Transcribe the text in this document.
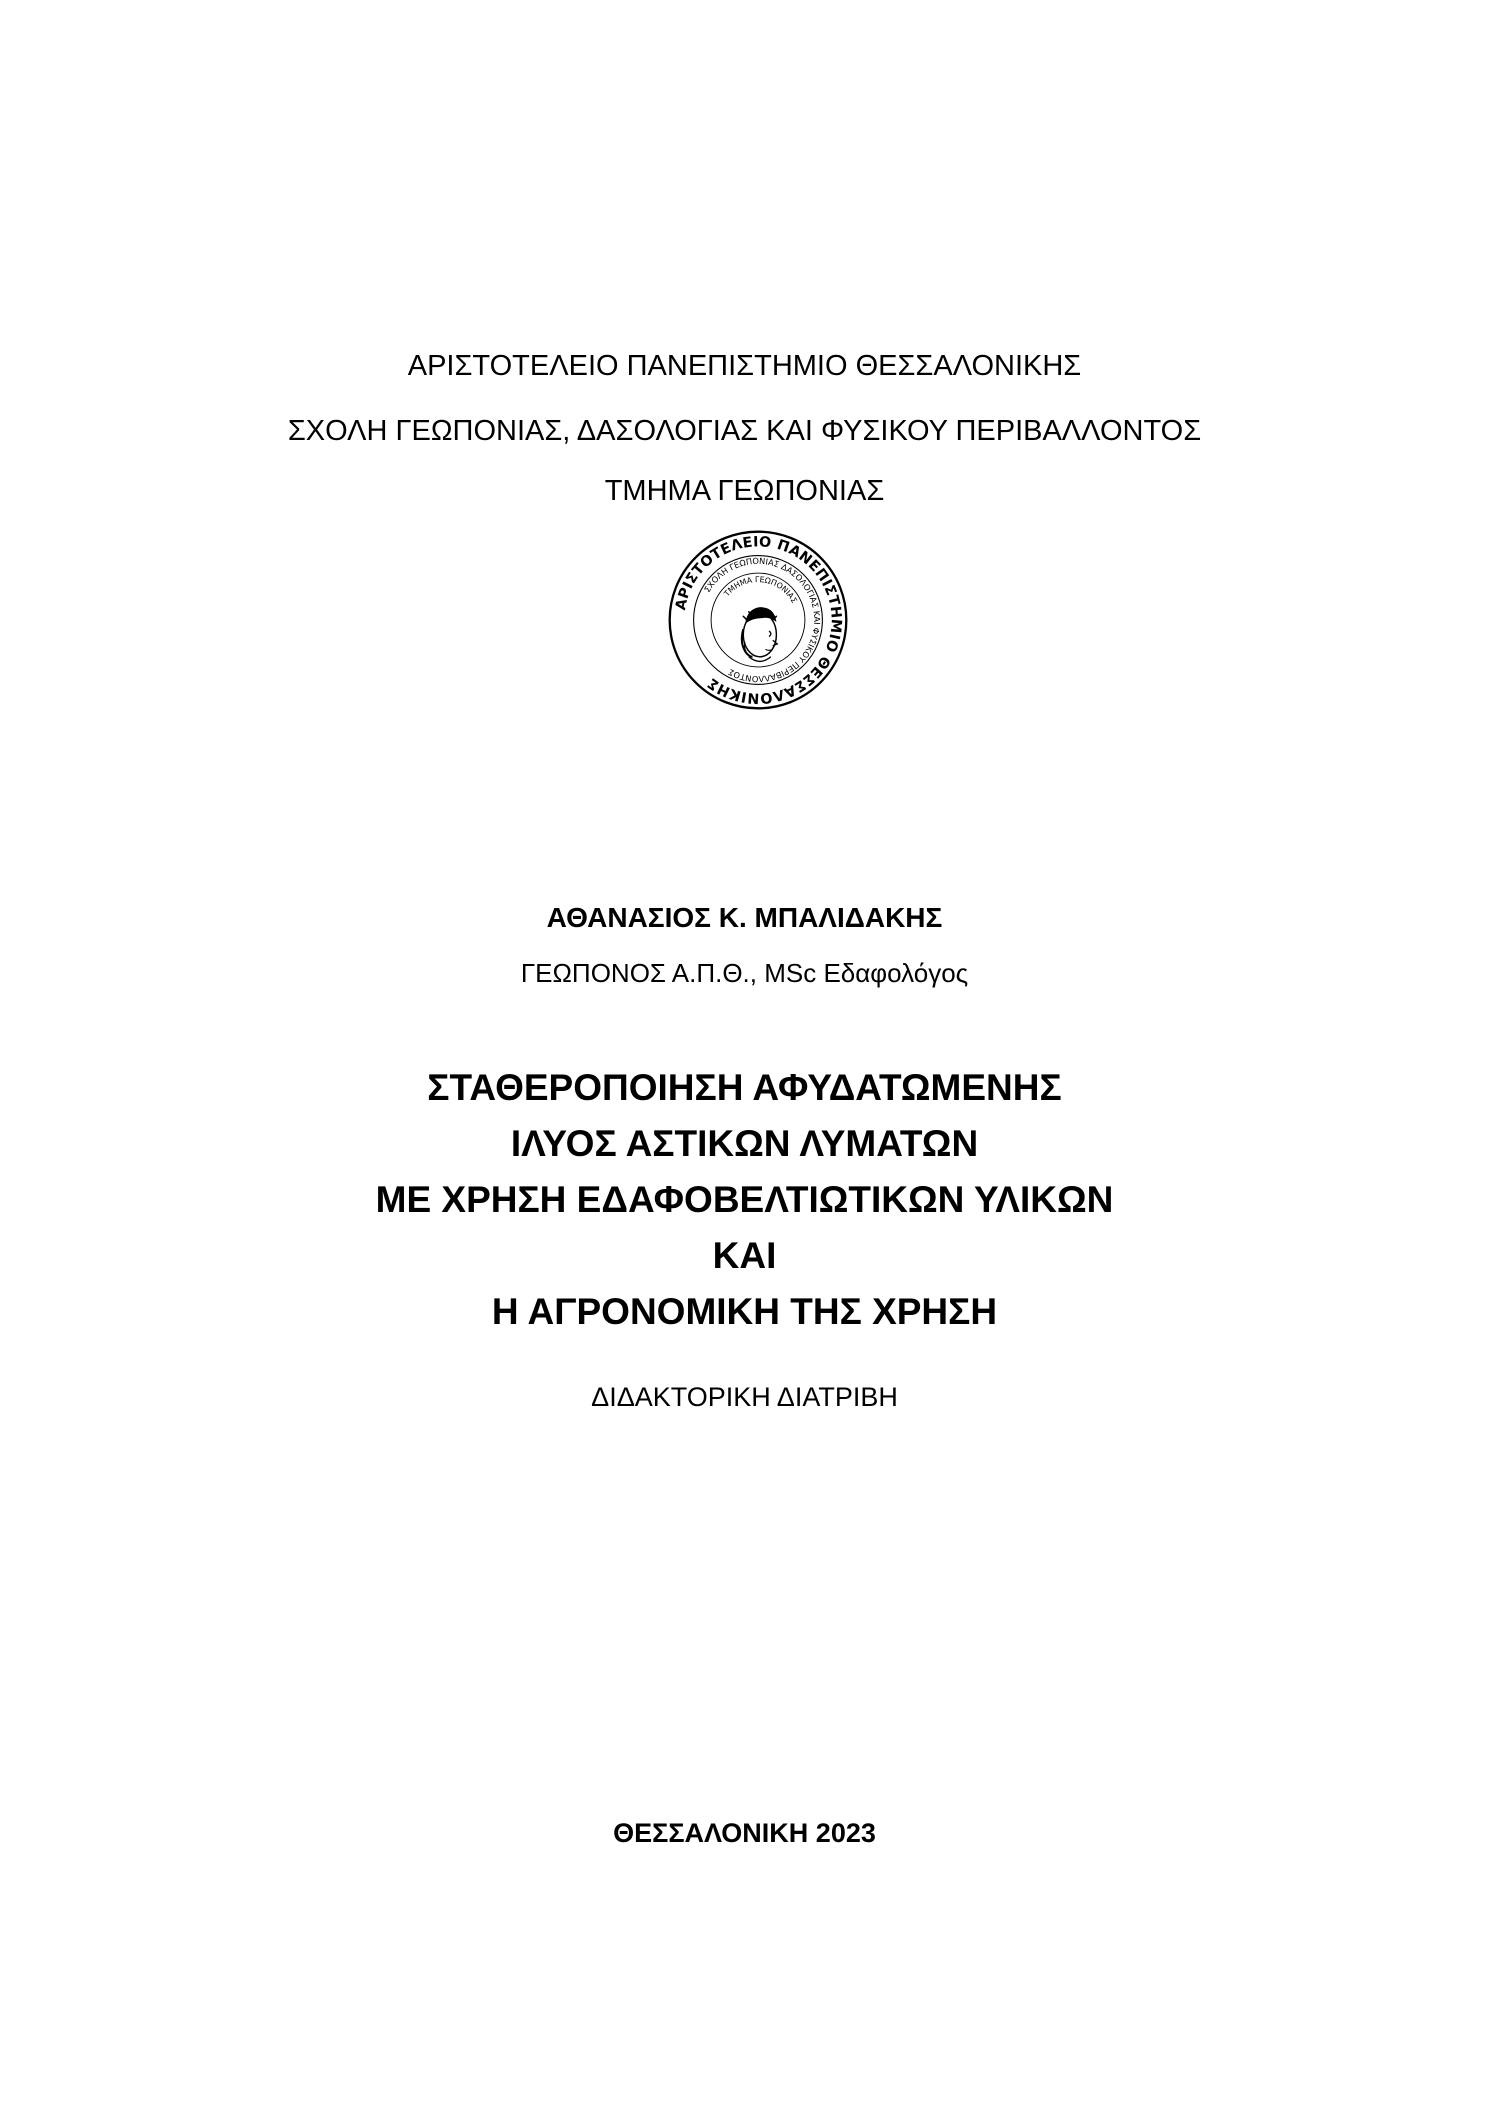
ΑΡΙΣΤΟΤΕΛΕΙΟ ΠΑΝΕΠΙΣΤΗΜΙΟ ΘΕΣΣΑΛΟΝΙΚΗΣ
ΣΧΟΛΗ ΓΕΩΠΟΝΙΑΣ, ΔΑΣΟΛΟΓΙΑΣ ΚΑΙ ΦΥΣΙΚΟΥ ΠΕΡΙΒΑΛΛΟΝΤΟΣ
ΤΜΗΜΑ ΓΕΩΠΟΝΙΑΣ
ΑΡΙΣΤΟΤΕΛΕΙΟ ΠΑΝΕΠΙΣΤΗΜΙΟ ΘΕΣΣΑΛΟΝΙΚΗΣ
ΣΧΟΛΗ ΓΕΩΠΟΝΙΑΣ ΔΑΣΟΛΟΓΙΑΣ ΚΑΙ ΦΥΣΙΚΟΥ ΠΕΡΙΒΑΛΛΟΝΤΟΣ
ΤΜΗΜΑ ΓΕΩΠΟΝΙΑΣ
ΑΘΑΝΑΣΙΟΣ Κ. ΜΠΑΛΙΔΑΚΗΣ
ΓΕΩΠΟΝΟΣ Α.Π.Θ., MSc Εδαφολόγος
ΣΤΑΘΕΡΟΠΟΙΗΣΗ ΑΦΥΔΑΤΩΜΕΝΗΣ
ΙΛΥΟΣ ΑΣΤΙΚΩΝ ΛΥΜΑΤΩΝ
ΜΕ ΧΡΗΣΗ ΕΔΑΦΟΒΕΛΤΙΩΤΙΚΩΝ ΥΛΙΚΩΝ
ΚΑΙ
Η ΑΓΡΟΝΟΜΙΚΗ ΤΗΣ ΧΡΗΣΗ
ΔΙΔΑΚΤΟΡΙΚΗ ΔΙΑΤΡΙΒΗ
ΘΕΣΣΑΛΟΝΙΚΗ 2023
